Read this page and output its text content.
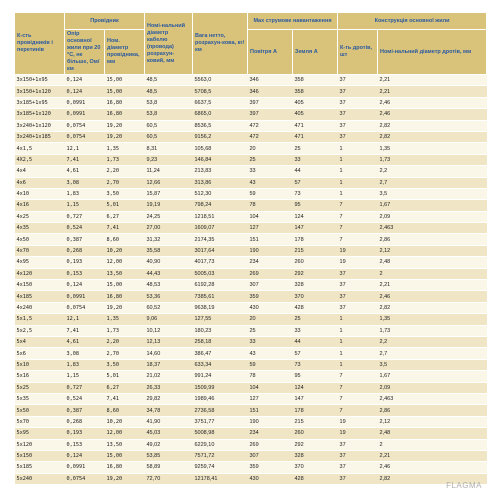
К-сть провідників і перетинів	Провідник		Номі-нальний діаметр кабелю (провода) розрахун-ковий, мм	Вага нетто, розрахун-кова, кг/км	Max струмове навантаження		Конструкція основної жили	
	Опір основної жили при 20 °C, не більше, Ом/км	Ном. діаметр провідника, мм			Повітря А	Земля А	К-ть дротів, шт	Номі-нальний діаметр дротів, мм
3х150+1х95	0,124	15,00	48,5	5563,0	346	358	37	2,21
3х150+1х120	0,124	15,00	48,5	5708,5	346	358	37	2,21
3х185+1х95	0,0991	16,80	53,8	6637,5	397	405	37	2,46
3х185+1х120	0,0991	16,80	53,8	6865,0	397	405	37	2,46
3х240+1х120	0,0754	19,20	60,5	8536,5	472	471	37	2,82
3х240+1х185	0,0754	19,20	60,5	9156,2	472	471	37	2,82
4x1,5	12,1	1,35	8,31	105,68	20	25	1	1,35
4X2,5	7,41	1,73	9,23	146,84	25	33	1	1,73
4x4	4,61	2,20	11,24	213,83	33	44	1	2,2
4x6	3,08	2,70	12,66	313,86	43	57	1	2,7
4x10	1,83	3,50	15,87	512,30	59	73	1	3,5
4x16	1,15	5,01	19,19	798,24	78	95	7	1,67
4x25	0,727	6,27	24,25	1218,51	104	124	7	2,09
4x35	0,524	7,41	27,00	1609,07	127	147	7	2,463
4x50	0,387	8,60	31,32	2174,35	151	178	7	2,86
4x70	0,268	10,20	35,58	3017,64	190	215	19	2,12
4x95	0,193	12,00	40,90	4017,73	234	260	19	2,48
4x120	0,153	13,50	44,43	5005,03	269	292	37	2
4x150	0,124	15,00	48,53	6192,28	307	328	37	2,21
4x185	0,0991	16,80	53,36	7385,61	359	370	37	2,46
4x240	0,0754	19,20	60,52	9638,19	430	428	37	2,82
5x1,5	12,1	1,35	9,06	127,55	20	25	1	1,35
5x2,5	7,41	1,73	10,12	180,23	25	33	1	1,73
5x4	4,61	2,20	12,13	258,18	33	44	1	2,2
5x6	3,08	2,70	14,60	386,47	43	57	1	2,7
5x10	1,83	3,50	18,37	633,34	59	73	1	3,5
5x16	1,15	5,01	21,02	991,24	78	95	7	1,67
5x25	0,727	6,27	26,33	1509,99	104	124	7	2,09
5x35	0,524	7,41	29,82	1989,46	127	147	7	2,463
5x50	0,387	8,60	34,78	2736,58	151	178	7	2,86
5x70	0,268	10,20	41,90	3751,77	190	215	19	2,12
5x95	0,193	12,00	45,03	5008,98	234	260	19	2,48
5x120	0,153	13,50	49,02	6229,10	269	292	37	2
5x150	0,124	15,00	53,85	7571,72	307	328	37	2,21
5x185	0,0991	16,80	58,89	9259,74	359	370	37	2,46
5x240	0,0754	19,20	72,70	12178,41	430	428	37	2,82
FLAGMA
